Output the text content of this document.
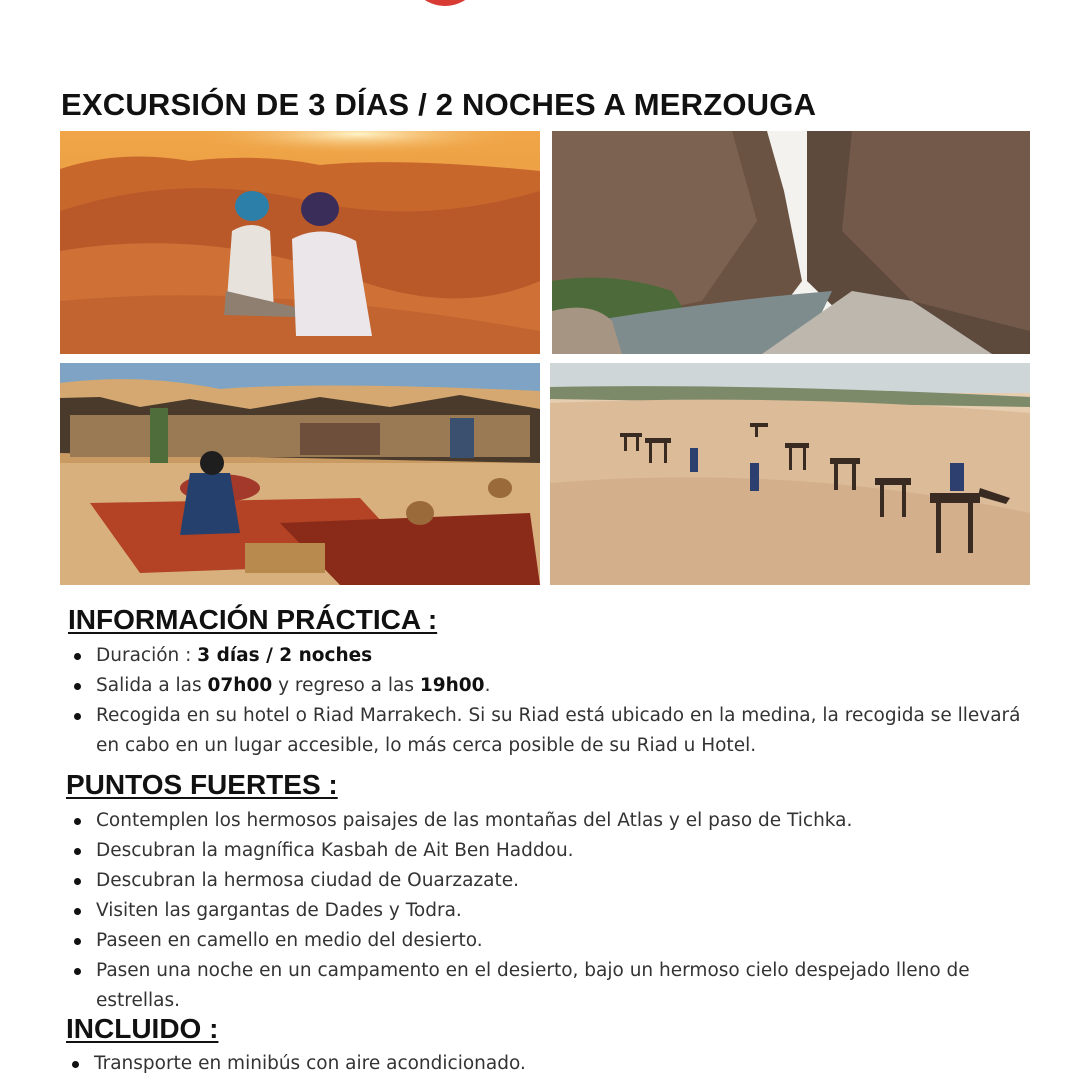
EXCURSIÓN DE 3 DÍAS / 2 NOCHES A MERZOUGA
INFORMACIÓN PRÁCTICA :
Duración : 3 días / 2 noches
Salida a las 07h00 y regreso a las 19h00.
Recogida en su hotel o Riad Marrakech. Si su Riad está ubicado en la medina, la recogida se llevará en cabo en un lugar accesible, lo más cerca posible de su Riad u Hotel.
PUNTOS FUERTES :
Contemplen los hermosos paisajes de las montañas del Atlas y el paso de Tichka.
Descubran la magnífica Kasbah de Ait Ben Haddou.
Descubran la hermosa ciudad de Ouarzazate.
Visiten las gargantas de Dades y Todra.
Paseen en camello en medio del desierto.
Pasen una noche en un campamento en el desierto, bajo un hermoso cielo despejado lleno de estrellas.
INCLUIDO :
Transporte en minibús con aire acondicionado.
